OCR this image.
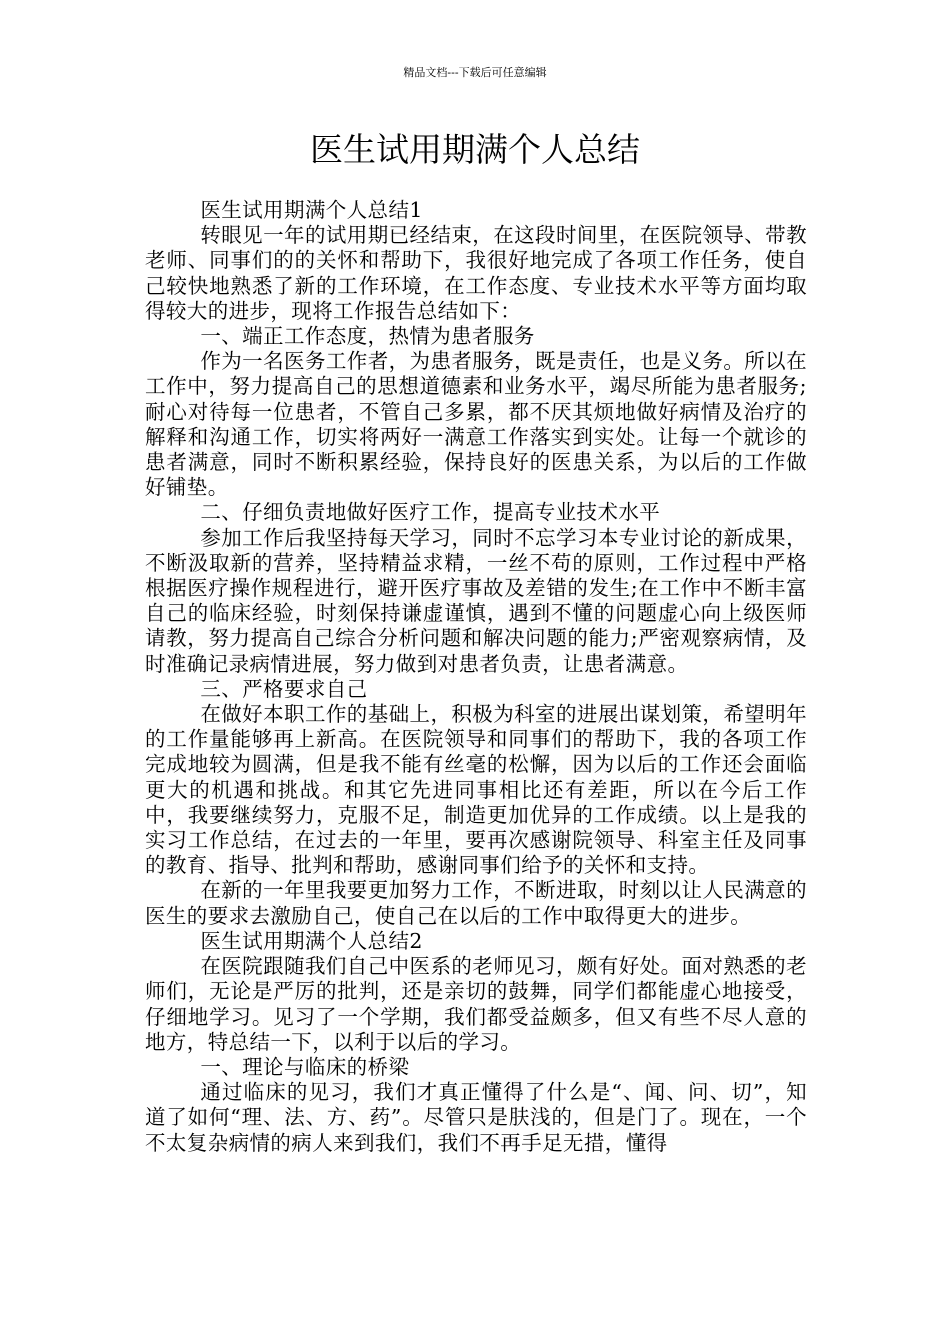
精品文档---下载后可任意编辑
医生试用期满个人总结

医生试用期满个人总结1

转眼见一年的试用期已经结束，在这段时间里，在医院领导、带教老师、同事们的的关怀和帮助下，我很好地完成了各项工作任务，使自己较快地熟悉了新的工作环境，在工作态度、专业技术水平等方面均取得较大的进步，现将工作报告总结如下：

一、端正工作态度，热情为患者服务

作为一名医务工作者，为患者服务，既是责任，也是义务。所以在工作中，努力提高自己的思想道德素和业务水平，竭尽所能为患者服务;耐心对待每一位患者，不管自己多累，都不厌其烦地做好病情及治疗的解释和沟通工作，切实将两好一满意工作落实到实处。让每一个就诊的患者满意，同时不断积累经验，保持良好的医患关系，为以后的工作做好铺垫。

二、仔细负责地做好医疗工作，提高专业技术水平

参加工作后我坚持每天学习，同时不忘学习本专业讨论的新成果，不断汲取新的营养，坚持精益求精，一丝不苟的原则，工作过程中严格根据医疗操作规程进行，避开医疗事故及差错的发生;在工作中不断丰富自己的临床经验，时刻保持谦虚谨慎，遇到不懂的问题虚心向上级医师请教，努力提高自己综合分析问题和解决问题的能力;严密观察病情，及时准确记录病情进展，努力做到对患者负责，让患者满意。

三、严格要求自己

在做好本职工作的基础上，积极为科室的进展出谋划策，希望明年的工作量能够再上新高。在医院领导和同事们的帮助下，我的各项工作完成地较为圆满，但是我不能有丝毫的松懈，因为以后的工作还会面临更大的机遇和挑战。和其它先进同事相比还有差距，所以在今后工作中，我要继续努力，克服不足，制造更加优异的工作成绩。以上是我的实习工作总结，在过去的一年里，要再次感谢院领导、科室主任及同事的教育、指导、批判和帮助，感谢同事们给予的关怀和支持。

在新的一年里我要更加努力工作，不断进取，时刻以让人民满意的医生的要求去激励自己，使自己在以后的工作中取得更大的进步。

医生试用期满个人总结2

在医院跟随我们自己中医系的老师见习，颇有好处。面对熟悉的老师们，无论是严厉的批判，还是亲切的鼓舞，同学们都能虚心地接受，仔细地学习。见习了一个学期，我们都受益颇多，但又有些不尽人意的地方，特总结一下，以利于以后的学习。

一、理论与临床的桥梁

通过临床的见习，我们才真正懂得了什么是“、闻、问、切”，知道了如何“理、法、方、药”。尽管只是肤浅的，但是门了。现在，一个不太复杂病情的病人来到我们，我们不再手足无措，懂得
